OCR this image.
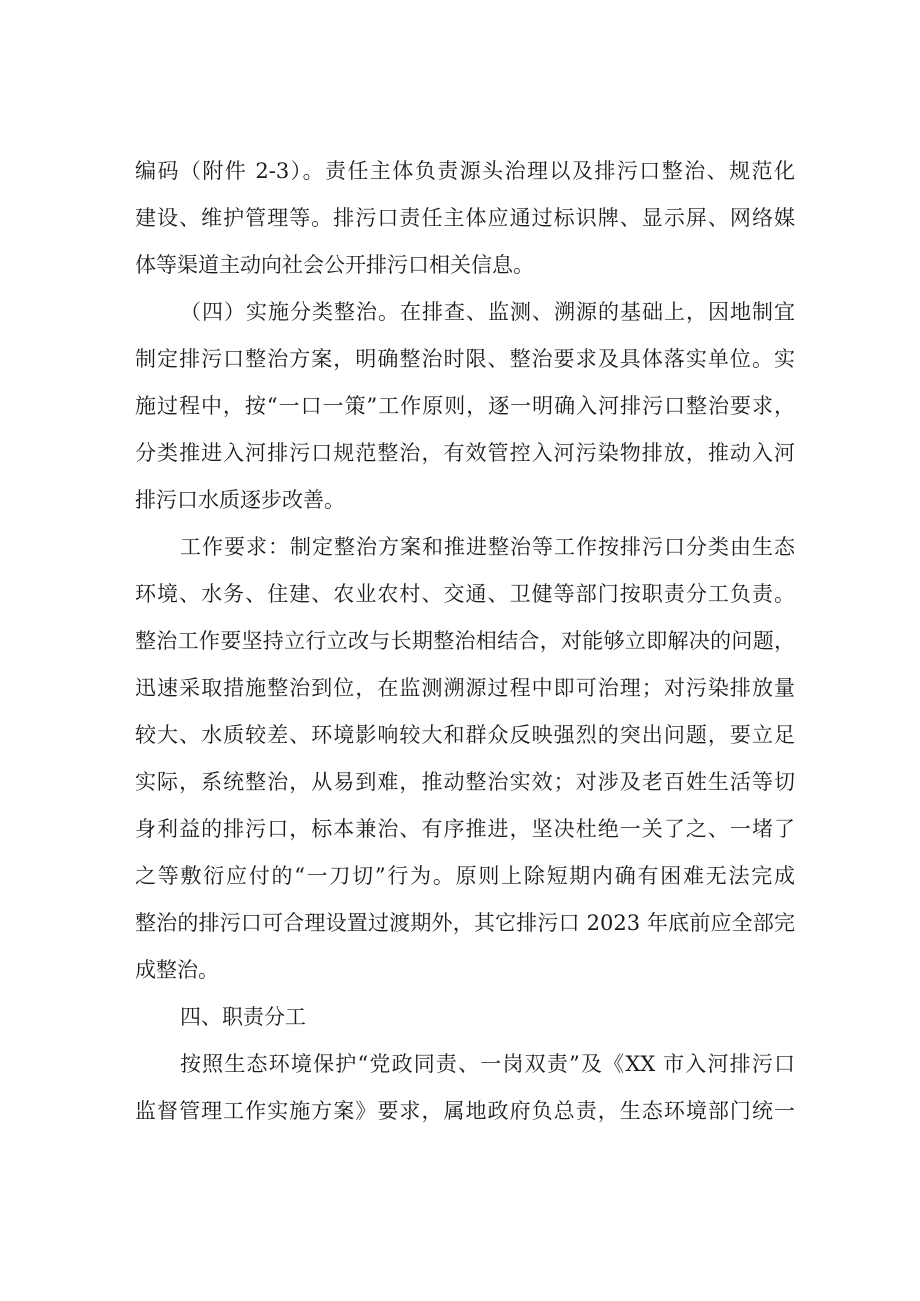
编码（附件 2-3）。责任主体负责源头治理以及排污口整治、规范化
建设、维护管理等。排污口责任主体应通过标识牌、显示屏、网络媒
体等渠道主动向社会公开排污口相关信息。
（四）实施分类整治。在排查、监测、溯源的基础上，因地制宜
制定排污口整治方案，明确整治时限、整治要求及具体落实单位。实
施过程中，按“一口一策”工作原则，逐一明确入河排污口整治要求，
分类推进入河排污口规范整治，有效管控入河污染物排放，推动入河
排污口水质逐步改善。
工作要求：制定整治方案和推进整治等工作按排污口分类由生态
环境、水务、住建、农业农村、交通、卫健等部门按职责分工负责。
整治工作要坚持立行立改与长期整治相结合，对能够立即解决的问题，
迅速采取措施整治到位，在监测溯源过程中即可治理；对污染排放量
较大、水质较差、环境影响较大和群众反映强烈的突出问题，要立足
实际，系统整治，从易到难，推动整治实效；对涉及老百姓生活等切
身利益的排污口，标本兼治、有序推进，坚决杜绝一关了之、一堵了
之等敷衍应付的“一刀切”行为。原则上除短期内确有困难无法完成
整治的排污口可合理设置过渡期外，其它排污口 2023 年底前应全部完
成整治。
四、职责分工
按照生态环境保护“党政同责、一岗双责”及《XX 市入河排污口
监督管理工作实施方案》要求，属地政府负总责，生态环境部门统一
